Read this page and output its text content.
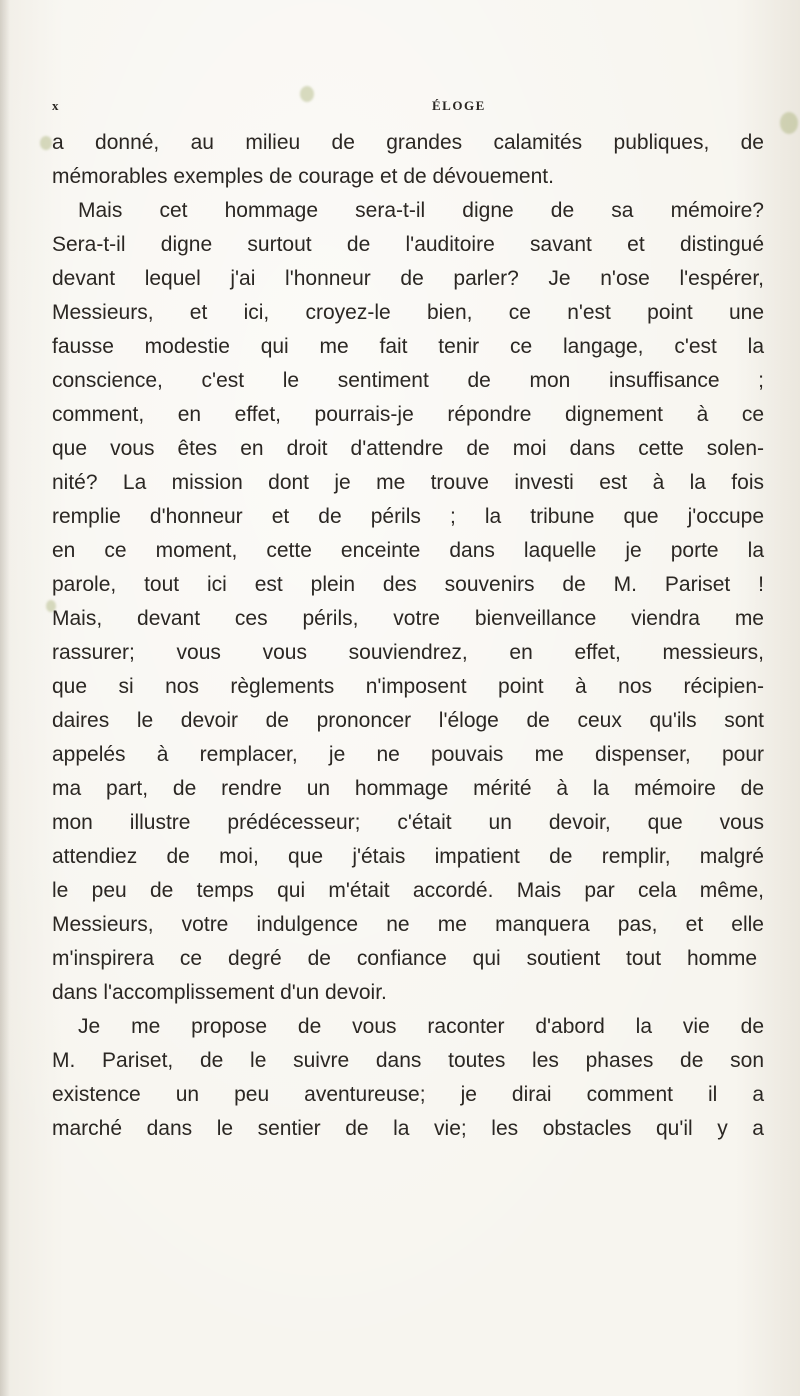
x	ÉLOGE
a donné, au milieu de grandes calamités publiques, de
mémorables exemples de courage et de dévouement.
Mais cet hommage sera-t-il digne de sa mémoire?
Sera-t-il digne surtout de l'auditoire savant et distingué
devant lequel j'ai l'honneur de parler? Je n'ose l'espérer,
Messieurs, et ici, croyez-le bien, ce n'est point une
fausse modestie qui me fait tenir ce langage, c'est la
conscience, c'est le sentiment de mon insuffisance ;
comment, en effet, pourrais-je répondre dignement à ce
que vous êtes en droit d'attendre de moi dans cette solen-
nité? La mission dont je me trouve investi est à la fois
remplie d'honneur et de périls ; la tribune que j'occupe
en ce moment, cette enceinte dans laquelle je porte la
parole, tout ici est plein des souvenirs de M. Pariset !
Mais, devant ces périls, votre bienveillance viendra me
rassurer; vous vous souviendrez, en effet, messieurs,
que si nos règlements n'imposent point à nos récipien-
daires le devoir de prononcer l'éloge de ceux qu'ils sont
appelés à remplacer, je ne pouvais me dispenser, pour
ma part, de rendre un hommage mérité à la mémoire de
mon illustre prédécesseur; c'était un devoir, que vous
attendiez de moi, que j'étais impatient de remplir, malgré
le peu de temps qui m'était accordé. Mais par cela même,
Messieurs, votre indulgence ne me manquera pas, et elle
m'inspirera ce degré de confiance qui soutient tout homme
dans l'accomplissement d'un devoir.
Je me propose de vous raconter d'abord la vie de
M. Pariset, de le suivre dans toutes les phases de son
existence un peu aventureuse; je dirai comment il a
marché dans le sentier de la vie; les obstacles qu'il y a
